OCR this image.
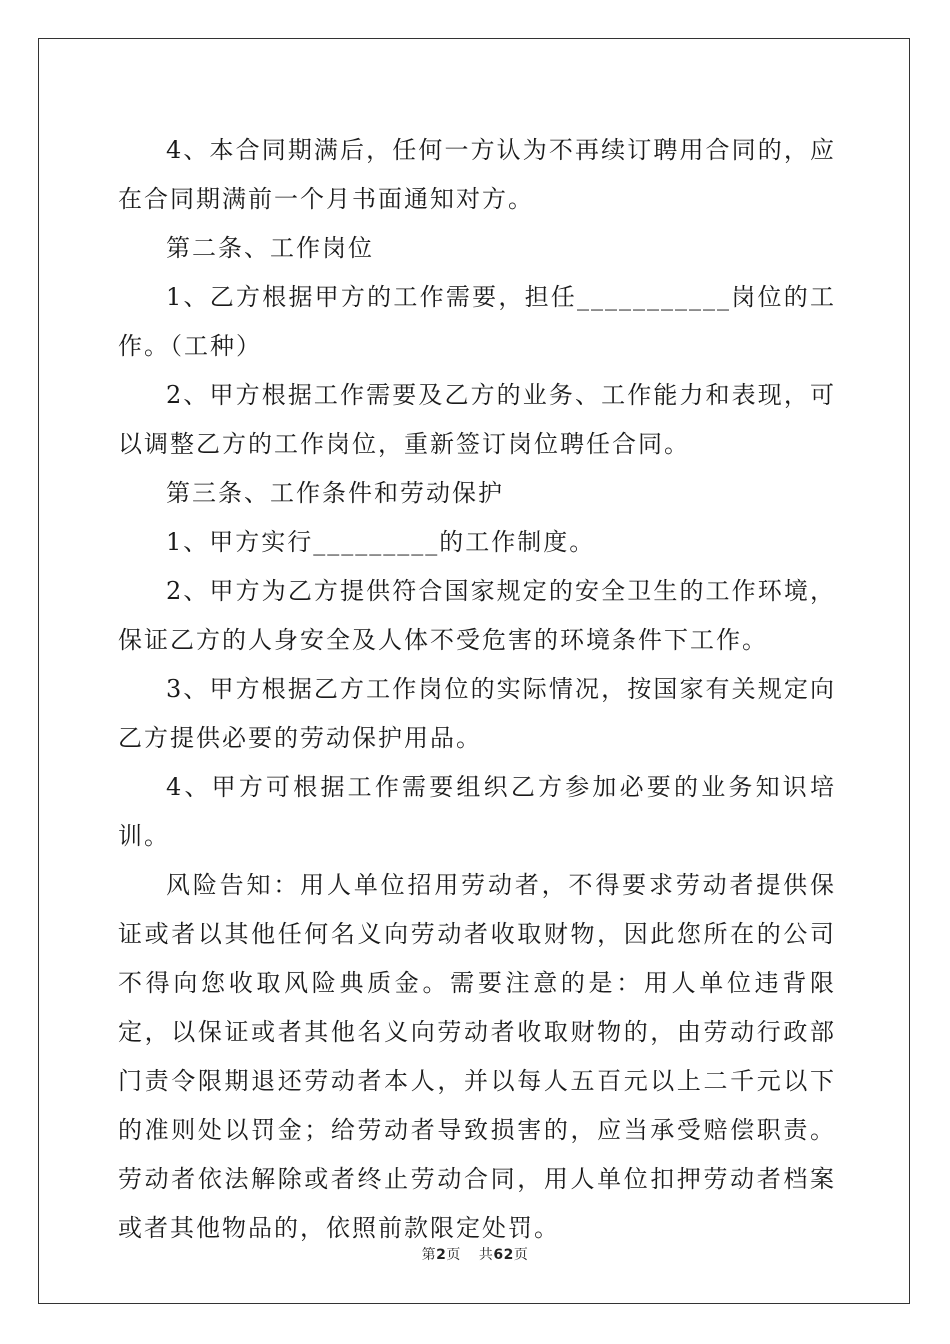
4、本合同期满后，任何一方认为不再续订聘用合同的，应在合同期满前一个月书面通知对方。

第二条、工作岗位

1、乙方根据甲方的工作需要，担任___________岗位的工作。（工种）

2、甲方根据工作需要及乙方的业务、工作能力和表现，可以调整乙方的工作岗位，重新签订岗位聘任合同。

第三条、工作条件和劳动保护

1、甲方实行_________的工作制度。

2、甲方为乙方提供符合国家规定的安全卫生的工作环境，保证乙方的人身安全及人体不受危害的环境条件下工作。

3、甲方根据乙方工作岗位的实际情况，按国家有关规定向乙方提供必要的劳动保护用品。

4、甲方可根据工作需要组织乙方参加必要的业务知识培训。

风险告知：用人单位招用劳动者，不得要求劳动者提供保证或者以其他任何名义向劳动者收取财物，因此您所在的公司不得向您收取风险典质金。需要注意的是：用人单位违背限定，以保证或者其他名义向劳动者收取财物的，由劳动行政部门责令限期退还劳动者本人，并以每人五百元以上二千元以下的准则处以罚金；给劳动者导致损害的，应当承受赔偿职责。劳动者依法解除或者终止劳动合同，用人单位扣押劳动者档案或者其他物品的，依照前款限定处罚。

第2页 共62页
